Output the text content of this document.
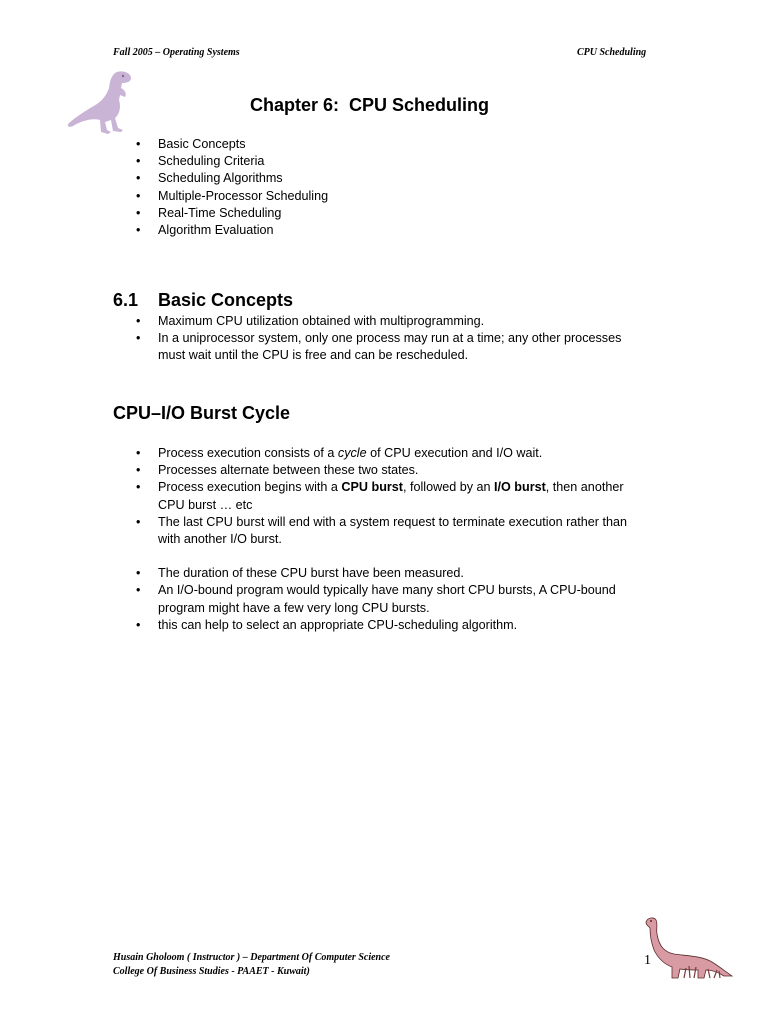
Fall 2005 – Operating Systems	CPU Scheduling
Chapter 6:  CPU Scheduling
• Basic Concepts
• Scheduling Criteria
• Scheduling Algorithms
• Multiple-Processor Scheduling
• Real-Time Scheduling
• Algorithm Evaluation
6.1 Basic Concepts
• Maximum CPU utilization obtained with multiprogramming.
• In a uniprocessor system, only one process may run at a time; any other processes must wait until the CPU is free and can be rescheduled.
CPU–I/O Burst Cycle
• Process execution consists of a cycle of CPU execution and I/O wait.
• Processes alternate between these two states.
• Process execution begins with a CPU burst, followed by an I/O burst, then another CPU burst … etc
• The last CPU burst will end with a system request to terminate execution rather than with another I/O burst.
• The duration of these CPU burst have been measured.
• An I/O-bound program would typically have many short CPU bursts, A CPU-bound program might have a few very long CPU bursts.
• this can help to select an appropriate CPU-scheduling algorithm.
Husain Gholoom ( Instructor ) – Department Of Computer Science
College Of Business Studies - PAAET - Kuwait)
1
